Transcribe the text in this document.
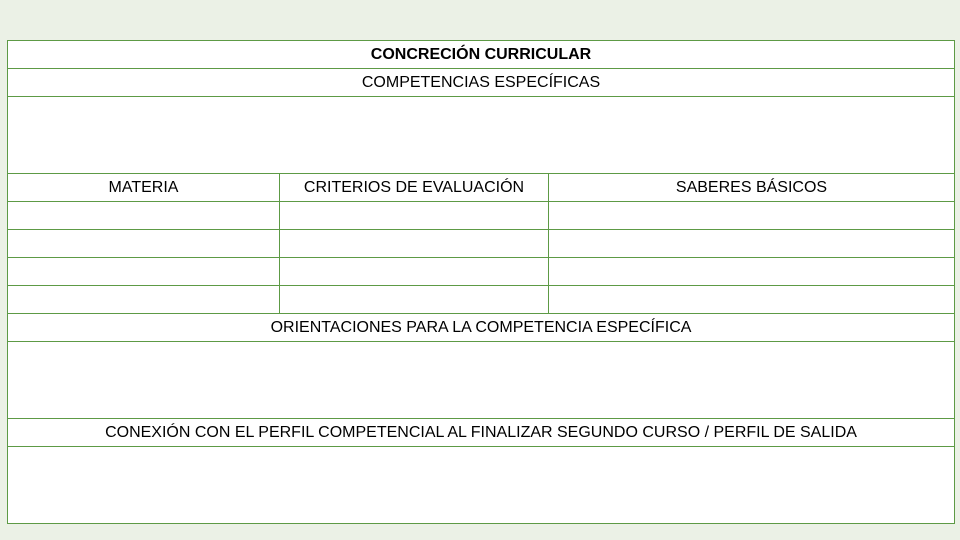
CONCRECIÓN CURRICULAR		
COMPETENCIAS ESPECÍFICAS		

MATERIA	CRITERIOS DE EVALUACIÓN	SABERES BÁSICOS

ORIENTACIONES PARA LA COMPETENCIA ESPECÍFICA		

CONEXIÓN CON EL PERFIL COMPETENCIAL AL FINALIZAR SEGUNDO CURSO / PERFIL DE SALIDA		
